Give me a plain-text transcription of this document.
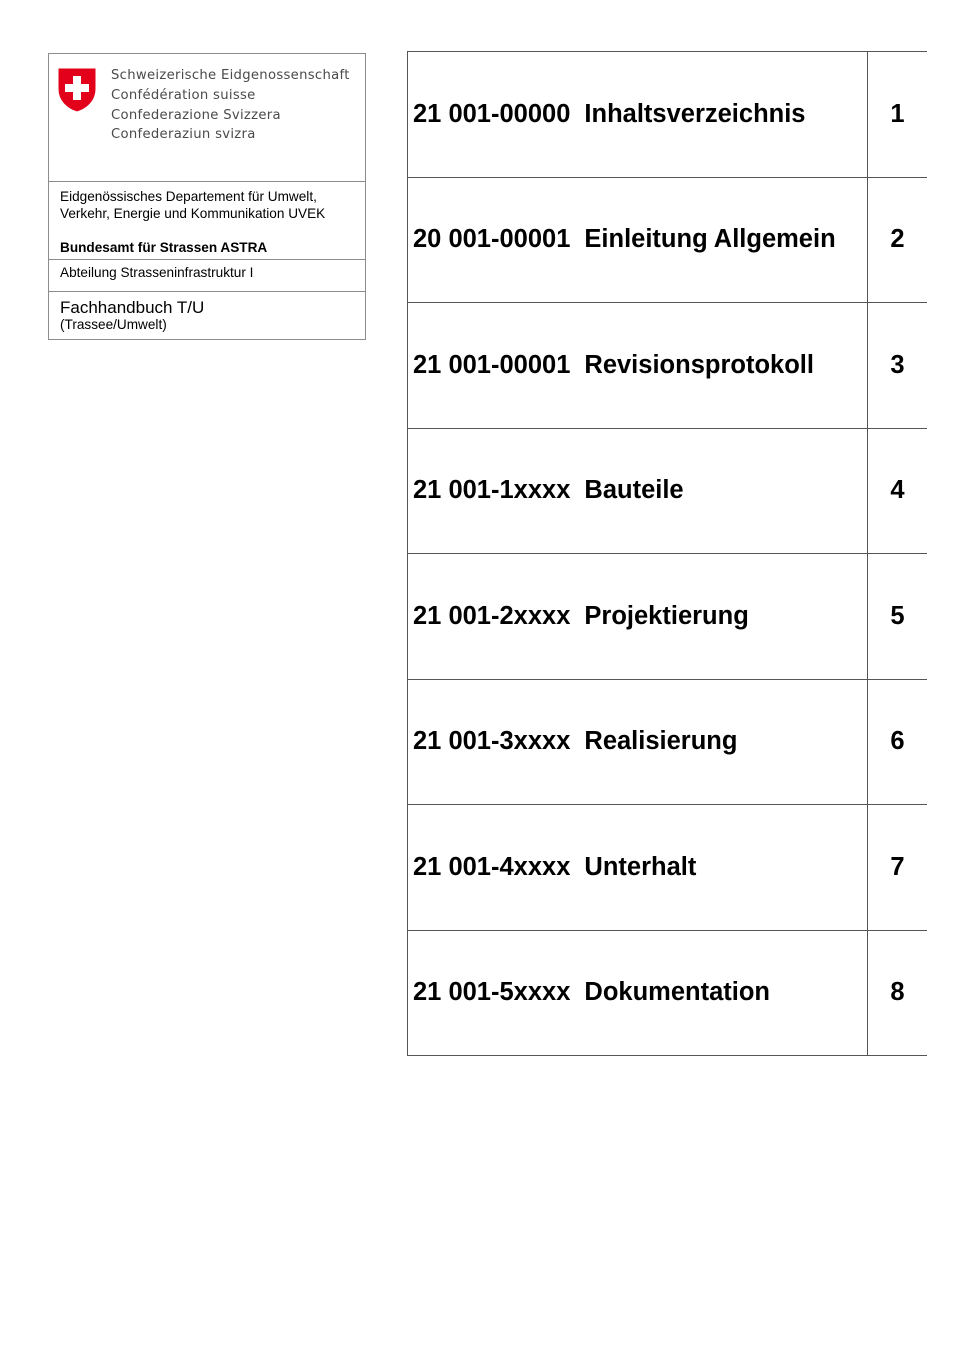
Schweizerische Eidgenossenschaft
Confédération suisse
Confederazione Svizzera
Confederaziun svizra
Eidgenössisches Departement für Umwelt,
Verkehr, Energie und Kommunikation UVEK
Bundesamt für Strassen ASTRA
Abteilung Strasseninfrastruktur I
Fachhandbuch T/U
(Trassee/Umwelt)
21 001-00000 Inhaltsverzeichnis	1
20 001-00001 Einleitung Allgemein	2
21 001-00001 Revisionsprotokoll	3
21 001-1xxxx Bauteile	4
21 001-2xxxx Projektierung	5
21 001-3xxxx Realisierung	6
21 001-4xxxx Unterhalt	7
21 001-5xxxx Dokumentation	8
